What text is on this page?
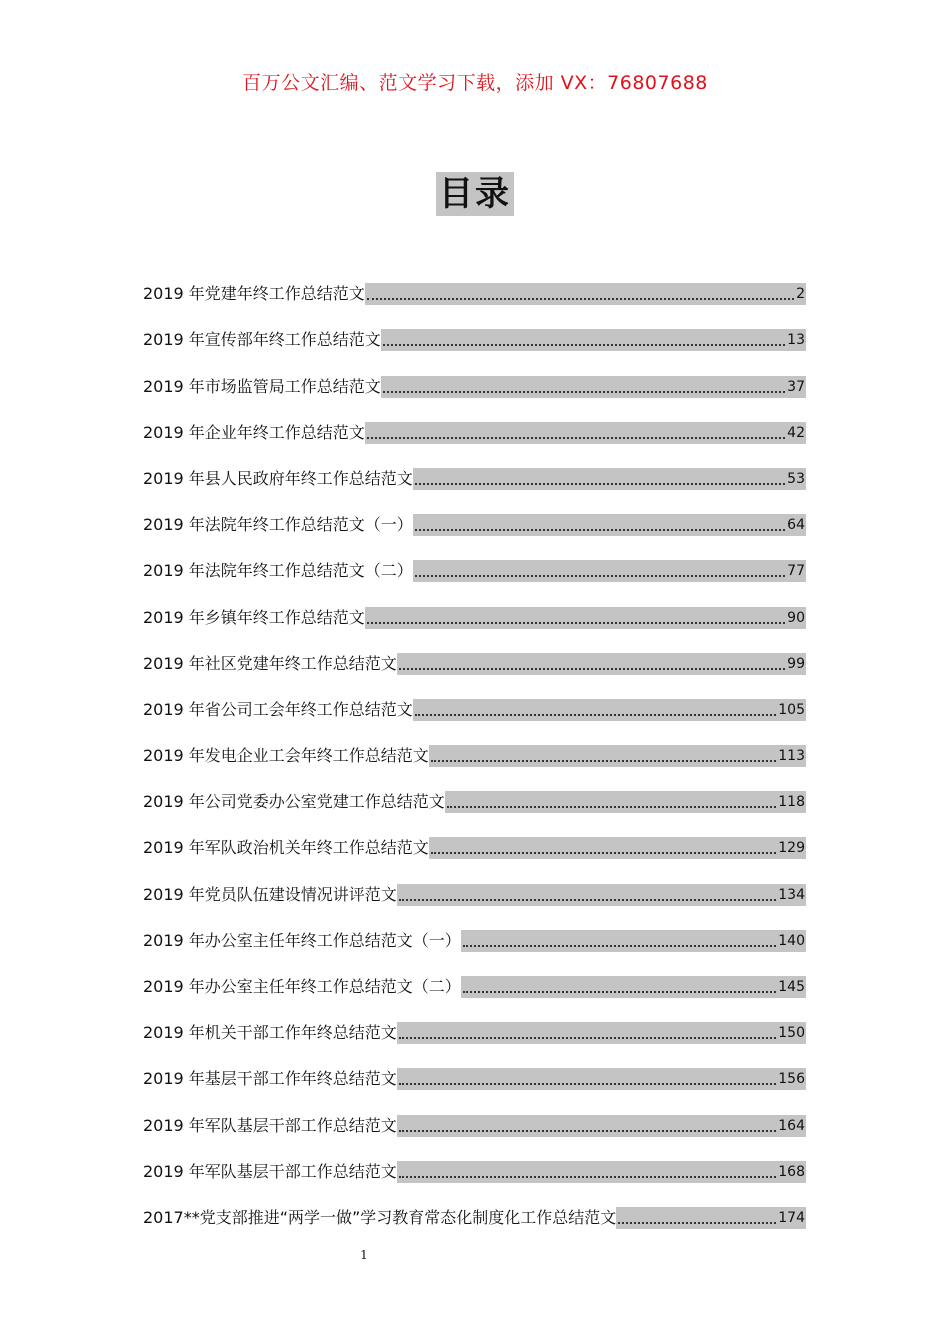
百万公文汇编、范文学习下载，添加 VX：76807688
目录
2019 年党建年终工作总结范文	2
2019 年宣传部年终工作总结范文	13
2019 年市场监管局工作总结范文	37
2019 年企业年终工作总结范文	42
2019 年县人民政府年终工作总结范文	53
2019 年法院年终工作总结范文（一）	64
2019 年法院年终工作总结范文（二）	77
2019 年乡镇年终工作总结范文	90
2019 年社区党建年终工作总结范文	99
2019 年省公司工会年终工作总结范文	105
2019 年发电企业工会年终工作总结范文	113
2019 年公司党委办公室党建工作总结范文	118
2019 年军队政治机关年终工作总结范文	129
2019 年党员队伍建设情况讲评范文	134
2019 年办公室主任年终工作总结范文（一）	140
2019 年办公室主任年终工作总结范文（二）	145
2019 年机关干部工作年终总结范文	150
2019 年基层干部工作年终总结范文	156
2019 年军队基层干部工作总结范文	164
2019 年军队基层干部工作总结范文	168
2017**党支部推进“两学一做”学习教育常态化制度化工作总结范文	174
1
